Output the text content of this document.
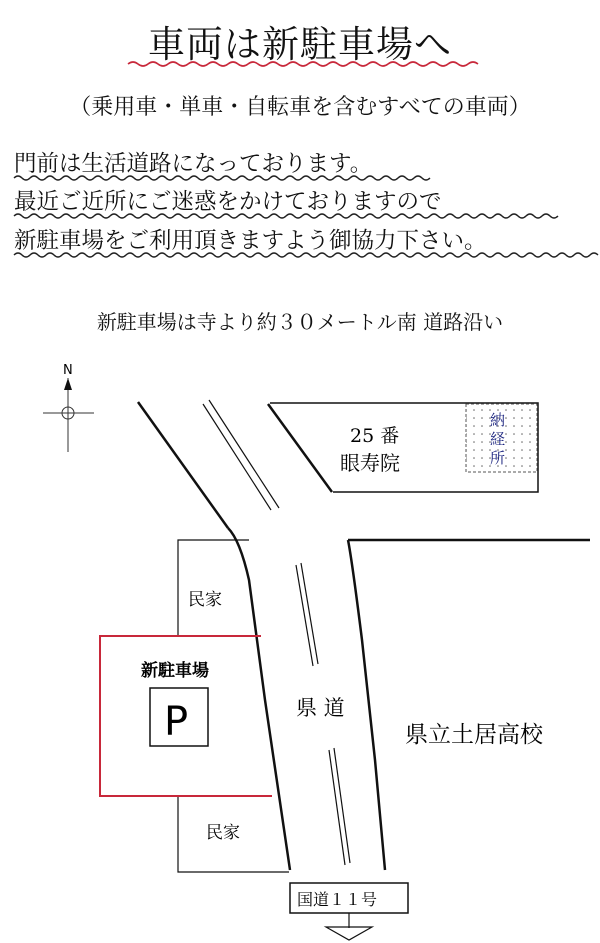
車両は新駐車場へ
（乗用車・単車・自転車を含むすべての車両）
門前は生活道路になっております。
最近ご近所にご迷惑をかけておりますので
新駐車場をご利用頂きますよう御協力下さい。
新駐車場は寺より約３０メートル南 道路沿い
N
25 番
眼寿院
納
経
所
民家
民家
新駐車場
P	県 道
県立土居高校
国道１１号
